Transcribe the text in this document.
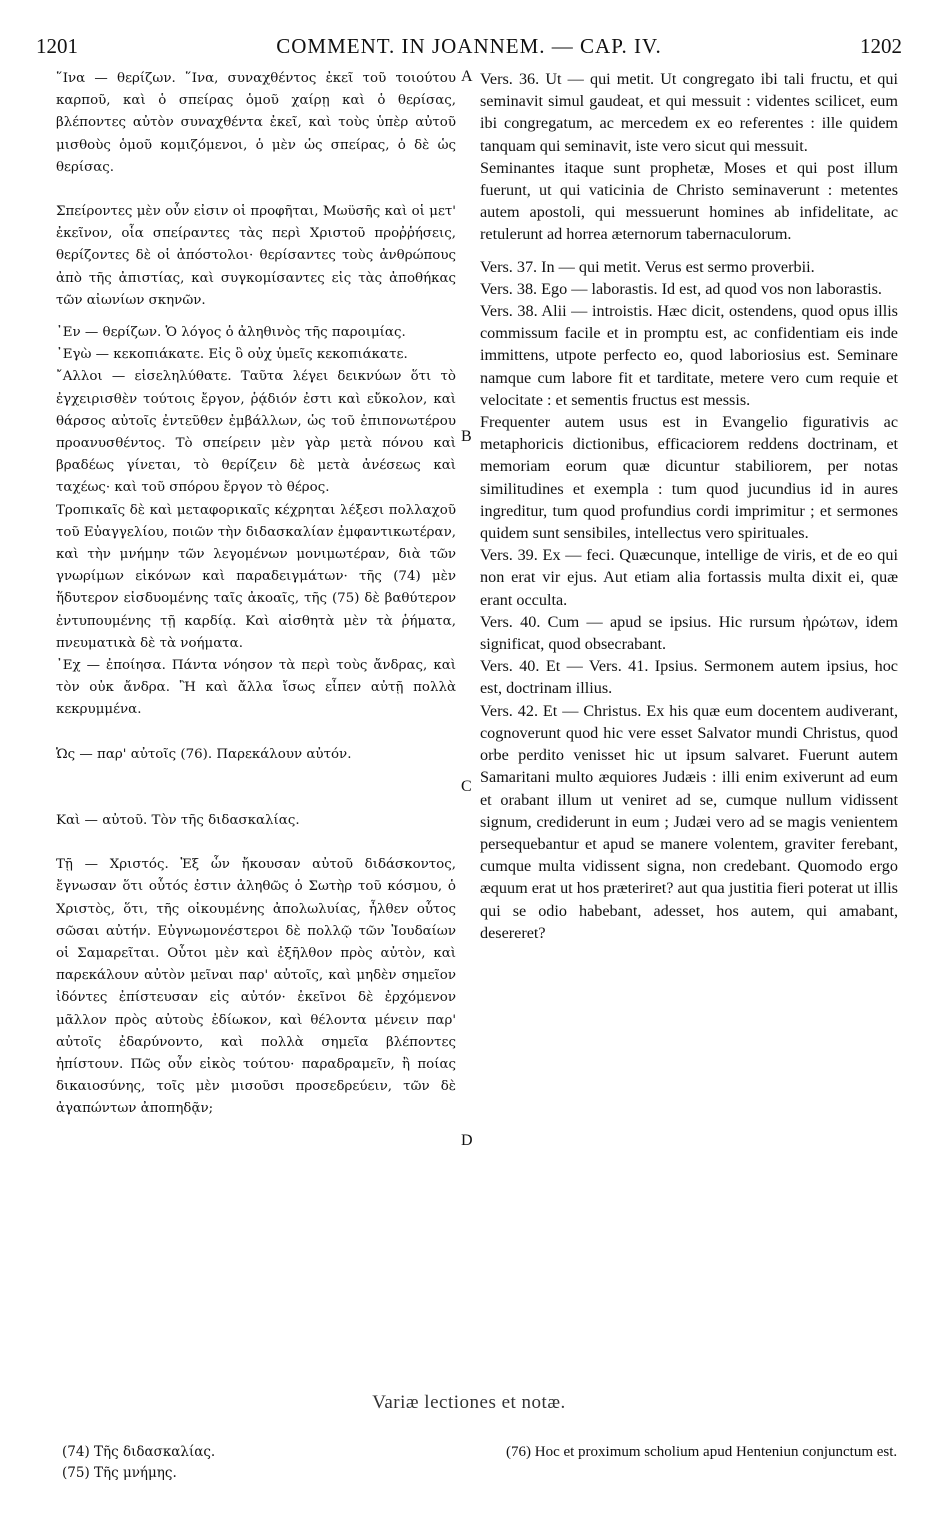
1201	COMMENT. IN JOANNEM. — CAP. IV.	1202

῞Ινα — θερίζων. ῞Ινα, συναχθέντος ἐκεῖ τοῦ τοιούτου καρποῦ, καὶ ὁ σπείρας ὁμοῦ χαίρῃ καὶ ὁ θερίσας, βλέποντες αὐτὸν συναχθέντα ἐκεῖ, καὶ τοὺς ὑπὲρ αὐτοῦ μισθοὺς ὁμοῦ κομιζόμενοι, ὁ μὲν ὡς σπείρας, ὁ δὲ ὡς θερίσας.

Σπείροντες μὲν οὖν εἰσιν οἱ προφῆται, Μωϋσῆς καὶ οἱ μετ' ἐκεῖνον, οἷα σπείραντες τὰς περὶ Χριστοῦ προῤῥήσεις, θερίζοντες δὲ οἱ ἀπόστολοι· θερίσαντες τοὺς ἀνθρώπους ἀπὸ τῆς ἀπιστίας, καὶ συγκομίσαντες εἰς τὰς ἀποθήκας τῶν αἰωνίων σκηνῶν.

᾿Εν — θερίζων. Ὁ λόγος ὁ ἀληθινὸς τῆς παροιμίας.

᾿Εγὼ — κεκοπιάκατε. Εἰς ὃ οὐχ ὑμεῖς κεκοπιάκατε.

῎Αλλοι — εἰσεληλύθατε. Ταῦτα λέγει δεικνύων ὅτι τὸ ἐγχειρισθὲν τούτοις ἔργον, ῥᾴδιόν ἐστι καὶ εὔκολον, καὶ θάρσος αὐτοῖς ἐντεῦθεν ἐμβάλλων, ὡς τοῦ ἐπιπονωτέρου προανυσθέντος. Τὸ σπείρειν μὲν γὰρ μετὰ πόνου καὶ βραδέως γίνεται, τὸ θερίζειν δὲ μετὰ ἀνέσεως καὶ ταχέως· καὶ τοῦ σπόρου ἔργον τὸ θέρος.

Τροπικαῖς δὲ καὶ μεταφορικαῖς κέχρηται λέξεσι πολλαχοῦ τοῦ Εὐαγγελίου, ποιῶν τὴν διδασκαλίαν ἐμφαντικωτέραν, καὶ τὴν μνήμην τῶν λεγομένων μονιμωτέραν, διὰ τῶν γνωρίμων εἰκόνων καὶ παραδειγμάτων· τῆς (74) μὲν ἥδυτερον εἰσδυομένης ταῖς ἀκοαῖς, τῆς (75) δὲ βαθύτερον ἐντυπουμένης τῇ καρδίᾳ. Καὶ αἰσθητὰ μὲν τὰ ῥήματα, πνευματικὰ δὲ τὰ νοήματα.

᾿Εχ — ἐποίησα. Πάντα νόησον τὰ περὶ τοὺς ἄνδρας, καὶ τὸν οὐκ ἄνδρα. Ἢ καὶ ἄλλα ἴσως εἶπεν αὐτῇ πολλὰ κεκρυμμένα.

Ὡς — παρ' αὐτοῖς (76). Παρεκάλουν αὐτόν.

Καὶ — αὐτοῦ. Τὸν τῆς διδασκαλίας.

Τῇ — Χριστός. Ἐξ ὧν ἤκουσαν αὐτοῦ διδάσκοντος, ἔγνωσαν ὅτι οὗτός ἐστιν ἀληθῶς ὁ Σωτὴρ τοῦ κόσμου, ὁ Χριστὸς, ὅτι, τῆς οἰκουμένης ἀπολωλυίας, ἦλθεν οὗτος σῶσαι αὐτήν. Εὐγνωμονέστεροι δὲ πολλῷ τῶν Ἰουδαίων οἱ Σαμαρεῖται. Οὗτοι μὲν καὶ ἐξῆλθον πρὸς αὐτὸν, καὶ παρεκάλουν αὐτὸν μεῖναι παρ' αὐτοῖς, καὶ μηδὲν σημεῖον ἰδόντες ἐπίστευσαν εἰς αὐτόν· ἐκεῖνοι δὲ ἐρχόμενον μᾶλλον πρὸς αὐτοὺς ἐδίωκον, καὶ θέλοντα μένειν παρ' αὐτοῖς ἐδαρύνοντο, καὶ πολλὰ σημεῖα βλέποντες ἠπίστουν. Πῶς οὖν εἰκὸς τούτου· παραδραμεῖν, ἢ ποίας δικαιοσύνης, τοῖς μὲν μισοῦσι προσεδρεύειν, τῶν δὲ ἀγαπώντων ἀποπηδᾷν;

Vers. 36. Ut — qui metit. Ut congregato ibi tali fructu, et qui seminavit simul gaudeat, et qui messuit : videntes scilicet, eum ibi congregatum, ac mercedem ex eo referentes : ille quidem tanquam qui seminavit, iste vero sicut qui messuit.

Seminantes itaque sunt prophetæ, Moses et qui post illum fuerunt, ut qui vaticinia de Christo seminaverunt : metentes autem apostoli, qui messuerunt homines ab infidelitate, ac retulerunt ad horrea æternorum tabernaculorum.

Vers. 37. In — qui metit. Verus est sermo proverbii.

Vers. 38. Ego — laborastis. Id est, ad quod vos non laborastis.

Vers. 38. Alii — introistis. Hæc dicit, ostendens, quod opus illis commissum facile et in promptu est, ac confidentiam eis inde immittens, utpote perfecto eo, quod laboriosius est. Seminare namque cum labore fit et tarditate, metere vero cum requie et velocitate : et sementis fructus est messis.

Frequenter autem usus est in Evangelio figurativis ac metaphoricis dictionibus, efficaciorem reddens doctrinam, et memoriam eorum quæ dicuntur stabiliorem, per notas similitudines et exempla : tum quod jucundius id in aures ingreditur, tum quod profundius cordi imprimitur ; et sermones quidem sunt sensibiles, intellectus vero spirituales.

Vers. 39. Ex — feci. Quæcunque, intellige de viris, et de eo qui non erat vir ejus. Aut etiam alia fortassis multa dixit ei, quæ erant occulta.

Vers. 40. Cum — apud se ipsius. Hic rursum ἠρώτων, idem significat, quod obsecrabant.

Vers. 40. Et — Vers. 41. Ipsius. Sermonem autem ipsius, hoc est, doctrinam illius.

Vers. 42. Et — Christus. Ex his quæ eum docentem audiverant, cognoverunt quod hic vere esset Salvator mundi Christus, quod orbe perdito venisset hic ut ipsum salvaret. Fuerunt autem Samaritani multo æquiores Judæis : illi enim exiverunt ad eum et orabant illum ut veniret ad se, cumque nullum vidissent signum, crediderunt in eum ; Judæi vero ad se magis venientem persequebantur et apud se manere volentem, graviter ferebant, cumque multa vidissent signa, non credebant. Quomodo ergo æquum erat ut hos præteriret? aut qua justitia fieri poterat ut illis qui se odio habebant, adesset, hos autem, qui amabant, desereret?

A
B
C
D
Variæ lectiones et notæ.
(74) Τῆς διδασκαλίας.
(75) Τῆς μνήμης.
(76) Hoc et proximum scholium apud Henteniun conjunctum est.
